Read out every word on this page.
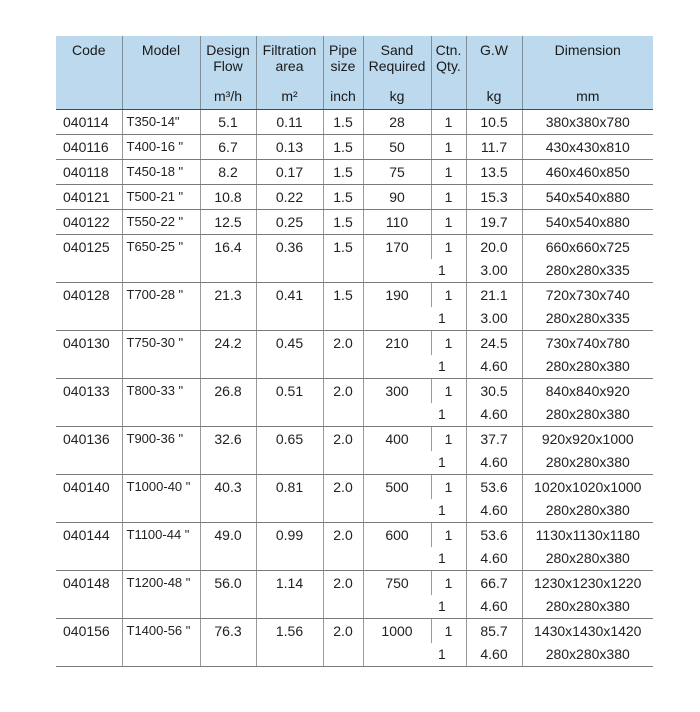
Code	Model	Design Flow	Filtration area	Pipe size	Sand Required	Ctn. Qty.	G.W	Dimension
		m³/h	m²	inch	kg		kg	mm
040114	T350-14"	5.1	0.11	1.5	28	1	10.5	380x380x780
040116	T400-16 "	6.7	0.13	1.5	50	1	11.7	430x430x810
040118	T450-18 "	8.2	0.17	1.5	75	1	13.5	460x460x850
040121	T500-21 "	10.8	0.22	1.5	90	1	15.3	540x540x880
040122	T550-22 "	12.5	0.25	1.5	110	1	19.7	540x540x880
040125	T650-25 "	16.4	0.36	1.5	170	1	20.0	660x660x725
						1	3.00	280x280x335
040128	T700-28 "	21.3	0.41	1.5	190	1	21.1	720x730x740
						1	3.00	280x280x335
040130	T750-30 "	24.2	0.45	2.0	210	1	24.5	730x740x780
						1	4.60	280x280x380
040133	T800-33 "	26.8	0.51	2.0	300	1	30.5	840x840x920
						1	4.60	280x280x380
040136	T900-36 "	32.6	0.65	2.0	400	1	37.7	920x920x1000
						1	4.60	280x280x380
040140	T1000-40 "	40.3	0.81	2.0	500	1	53.6	1020x1020x1000
						1	4.60	280x280x380
040144	T1100-44 "	49.0	0.99	2.0	600	1	53.6	1130x1130x1180
						1	4.60	280x280x380
040148	T1200-48 "	56.0	1.14	2.0	750	1	66.7	1230x1230x1220
						1	4.60	280x280x380
040156	T1400-56 "	76.3	1.56	2.0	1000	1	85.7	1430x1430x1420
						1	4.60	280x280x380
